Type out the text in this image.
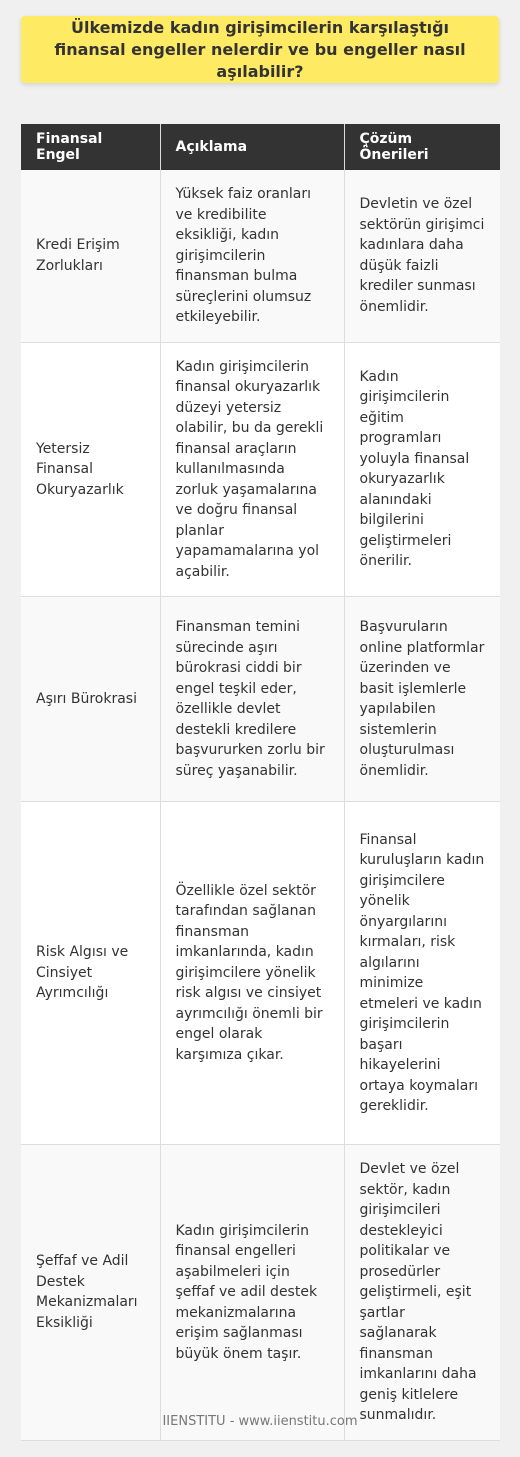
Ülkemizde kadın girişimcilerin karşılaştığı finansal engeller nelerdir ve bu engeller nasıl aşılabilir?
Finansal Engel	Açıklama	Çözüm Önerileri
Kredi Erişim Zorlukları	Yüksek faiz oranları ve kredibilite eksikliği, kadın girişimcilerin finansman bulma süreçlerini olumsuz etkileyebilir.	Devletin ve özel sektörün girişimci kadınlara daha düşük faizli krediler sunması önemlidir.
Yetersiz Finansal Okuryazarlık	Kadın girişimcilerin finansal okuryazarlık düzeyi yetersiz olabilir, bu da gerekli finansal araçların kullanılmasında zorluk yaşamalarına ve doğru finansal planlar yapamamalarına yol açabilir.	Kadın girişimcilerin eğitim programları yoluyla finansal okuryazarlık alanındaki bilgilerini geliştirmeleri önerilir.
Aşırı Bürokrasi	Finansman temini sürecinde aşırı bürokrasi ciddi bir engel teşkil eder, özellikle devlet destekli kredilere başvururken zorlu bir süreç yaşanabilir.	Başvuruların online platformlar üzerinden ve basit işlemlerle yapılabilen sistemlerin oluşturulması önemlidir.
Risk Algısı ve Cinsiyet Ayrımcılığı	Özellikle özel sektör tarafından sağlanan finansman imkanlarında, kadın girişimcilere yönelik risk algısı ve cinsiyet ayrımcılığı önemli bir engel olarak karşımıza çıkar.	Finansal kuruluşların kadın girişimcilere yönelik önyargılarını kırmaları, risk algılarını minimize etmeleri ve kadın girişimcilerin başarı hikayelerini ortaya koymaları gereklidir.
Şeffaf ve Adil Destek Mekanizmaları Eksikliği	Kadın girişimcilerin finansal engelleri aşabilmeleri için şeffaf ve adil destek mekanizmalarına erişim sağlanması büyük önem taşır.	Devlet ve özel sektör, kadın girişimcileri destekleyici politikalar ve prosedürler geliştirmeli, eşit şartlar sağlanarak finansman imkanlarını daha geniş kitlelere sunmalıdır.
IIENSTITU - www.iienstitu.com
